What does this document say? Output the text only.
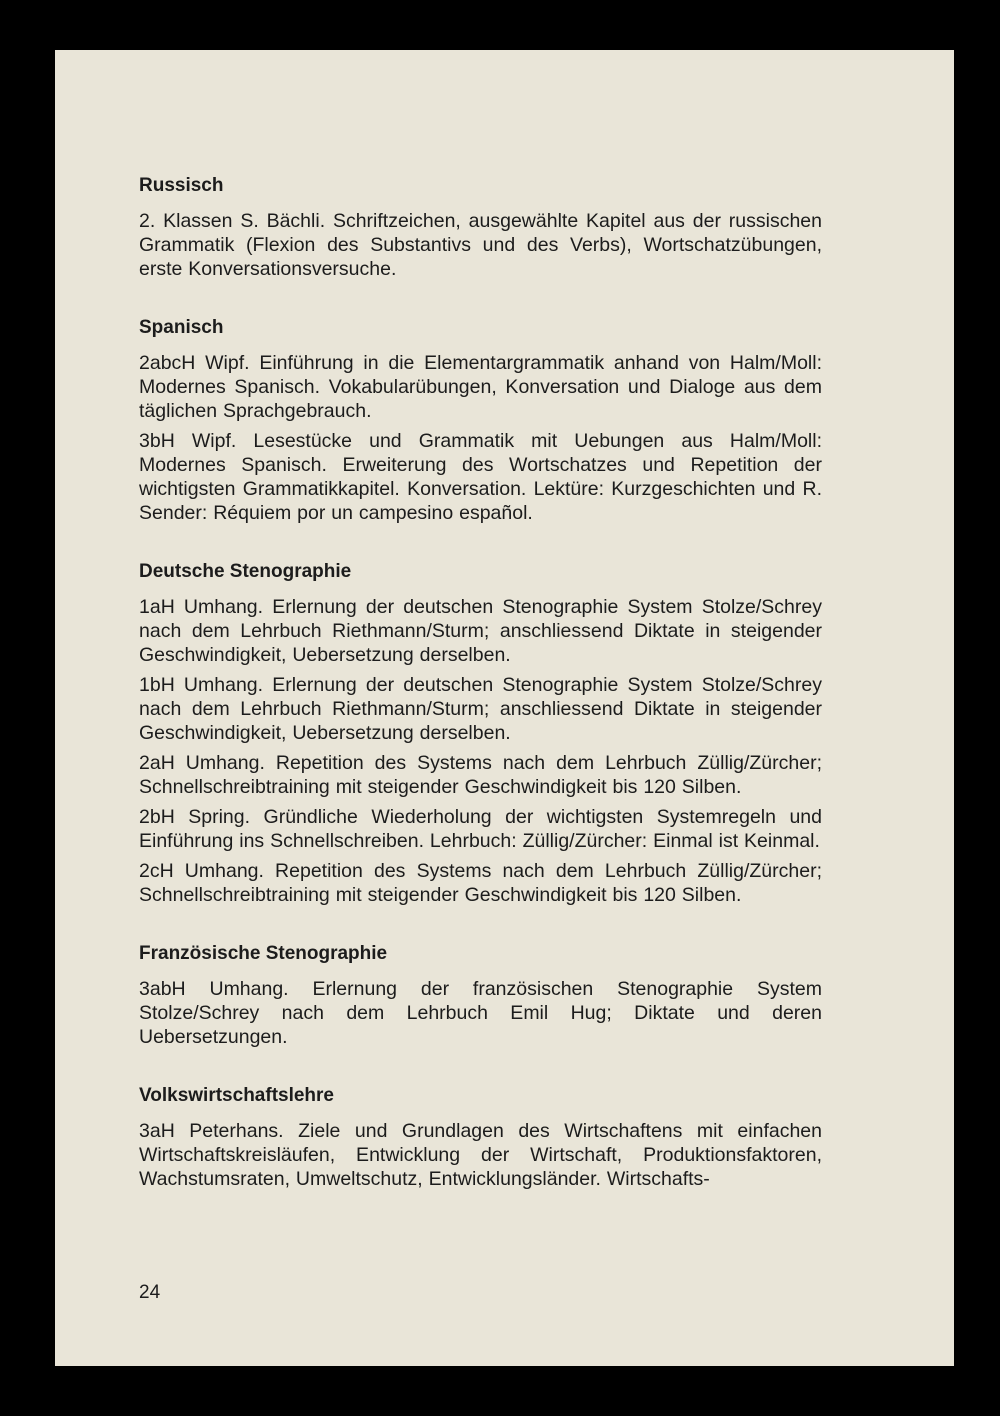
Russisch

2. Klassen S. Bächli. Schriftzeichen, ausgewählte Kapitel aus der russischen Grammatik (Flexion des Substantivs und des Verbs), Wortschatzübungen, erste Konversationsversuche.

Spanisch

2abcH Wipf. Einführung in die Elementargrammatik anhand von Halm/Moll: Modernes Spanisch. Vokabularübungen, Konversation und Dialoge aus dem täglichen Sprachgebrauch.

3bH Wipf. Lesestücke und Grammatik mit Uebungen aus Halm/Moll: Modernes Spanisch. Erweiterung des Wortschatzes und Repetition der wichtigsten Grammatikkapitel. Konversation. Lektüre: Kurzgeschichten und R. Sender: Réquiem por un campesino español.

Deutsche Stenographie

1aH Umhang. Erlernung der deutschen Stenographie System Stolze/Schrey nach dem Lehrbuch Riethmann/Sturm; anschliessend Diktate in steigender Geschwindigkeit, Uebersetzung derselben.

1bH Umhang. Erlernung der deutschen Stenographie System Stolze/Schrey nach dem Lehrbuch Riethmann/Sturm; anschliessend Diktate in steigender Geschwindigkeit, Uebersetzung derselben.

2aH Umhang. Repetition des Systems nach dem Lehrbuch Züllig/Zürcher; Schnellschreibtraining mit steigender Geschwindigkeit bis 120 Silben.

2bH Spring. Gründliche Wiederholung der wichtigsten Systemregeln und Einführung ins Schnellschreiben. Lehrbuch: Züllig/Zürcher: Einmal ist Keinmal.

2cH Umhang. Repetition des Systems nach dem Lehrbuch Züllig/Zürcher; Schnellschreibtraining mit steigender Geschwindigkeit bis 120 Silben.

Französische Stenographie

3abH Umhang. Erlernung der französischen Stenographie System Stolze/Schrey nach dem Lehrbuch Emil Hug; Diktate und deren Uebersetzungen.

Volkswirtschaftslehre

3aH Peterhans. Ziele und Grundlagen des Wirtschaftens mit einfachen Wirtschaftskreisläufen, Entwicklung der Wirtschaft, Produktionsfaktoren, Wachstumsraten, Umweltschutz, Entwicklungsländer. Wirtschafts-

24
